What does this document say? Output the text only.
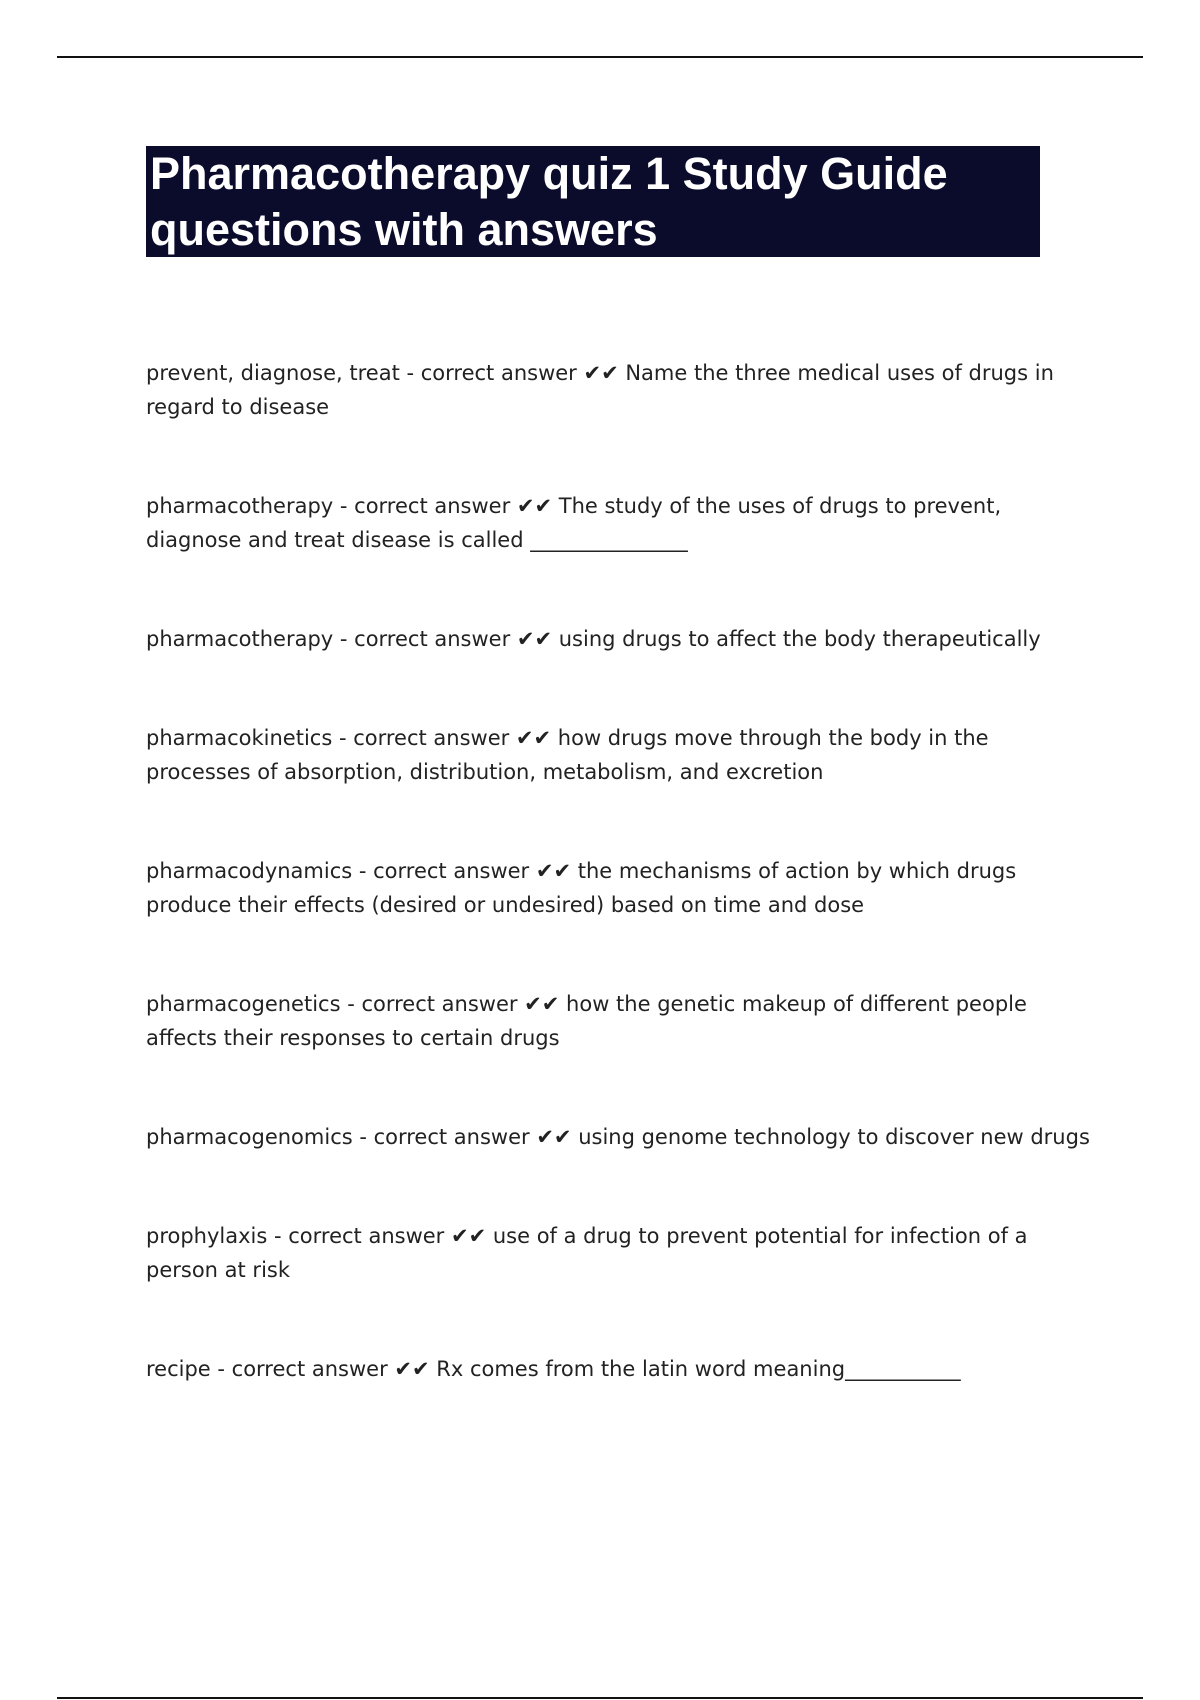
Pharmacotherapy quiz 1 Study Guide questions with answers
prevent, diagnose, treat - correct answer ✔✔ Name the three medical uses of drugs in regard to disease
pharmacotherapy - correct answer ✔✔ The study of the uses of drugs to prevent, diagnose and treat disease is called _______________
pharmacotherapy - correct answer ✔✔ using drugs to affect the body therapeutically
pharmacokinetics - correct answer ✔✔ how drugs move through the body in the processes of absorption, distribution, metabolism, and excretion
pharmacodynamics - correct answer ✔✔ the mechanisms of action by which drugs produce their effects (desired or undesired) based on time and dose
pharmacogenetics - correct answer ✔✔ how the genetic makeup of different people affects their responses to certain drugs
pharmacogenomics - correct answer ✔✔ using genome technology to discover new drugs
prophylaxis - correct answer ✔✔ use of a drug to prevent potential for infection of a person at risk
recipe - correct answer ✔✔ Rx comes from the latin word meaning___________
